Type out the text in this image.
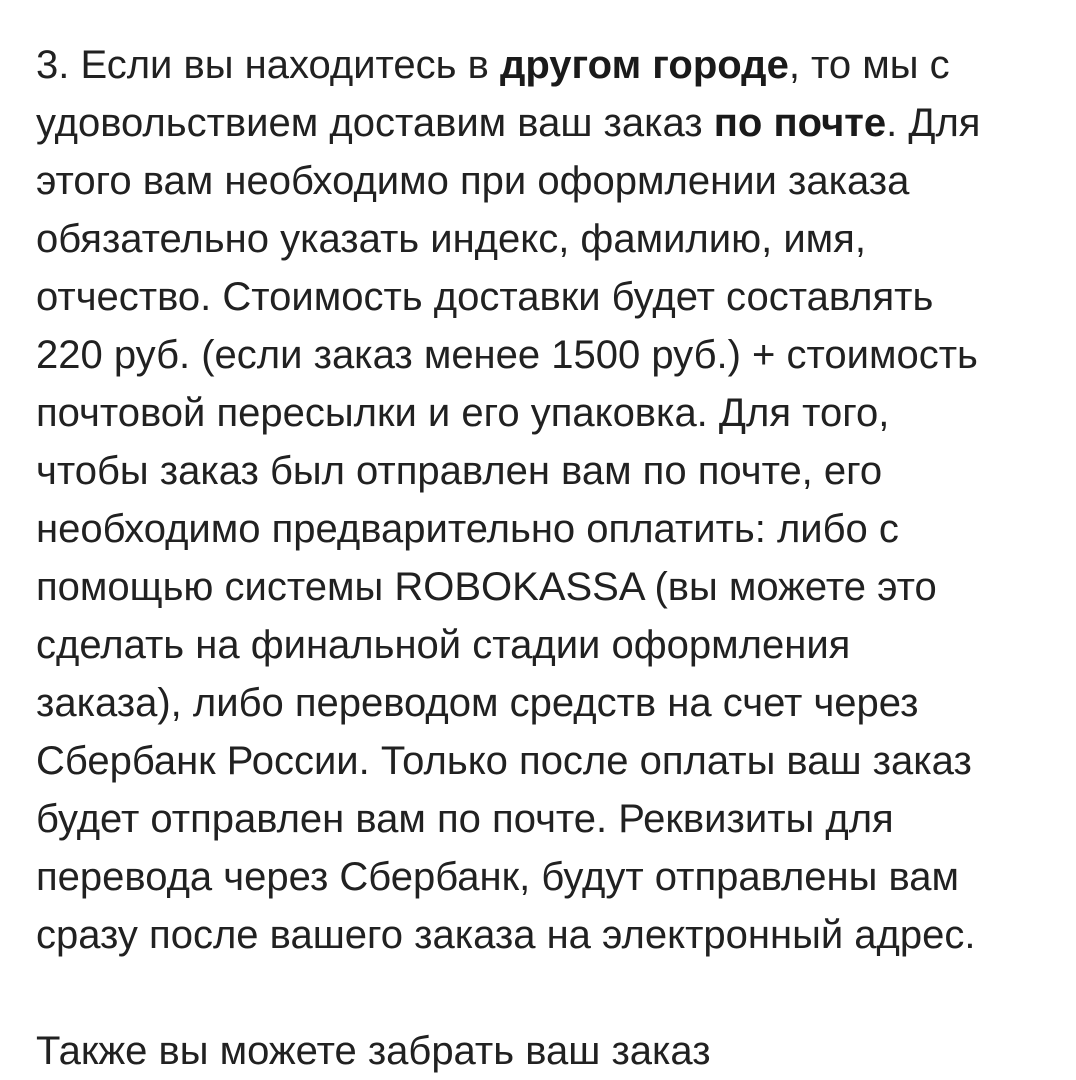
3. Если вы находитесь в другом городе, то мы с
удовольствием доставим ваш заказ по почте. Для
этого вам необходимо при оформлении заказа
обязательно указать индекс, фамилию, имя,
отчество. Стоимость доставки будет составлять
220 руб. (если заказ менее 1500 руб.) + стоимость
почтовой пересылки и его упаковка. Для того,
чтобы заказ был отправлен вам по почте, его
необходимо предварительно оплатить: либо с
помощью системы ROBOKASSA (вы можете это
сделать на финальной стадии оформления
заказа), либо переводом средств на счет через
Сбербанк России. Только после оплаты ваш заказ
будет отправлен вам по почте. Реквизиты для
перевода через Сбербанк, будут отправлены вам
сразу после вашего заказа на электронный адрес.
Также вы можете забрать ваш заказ
